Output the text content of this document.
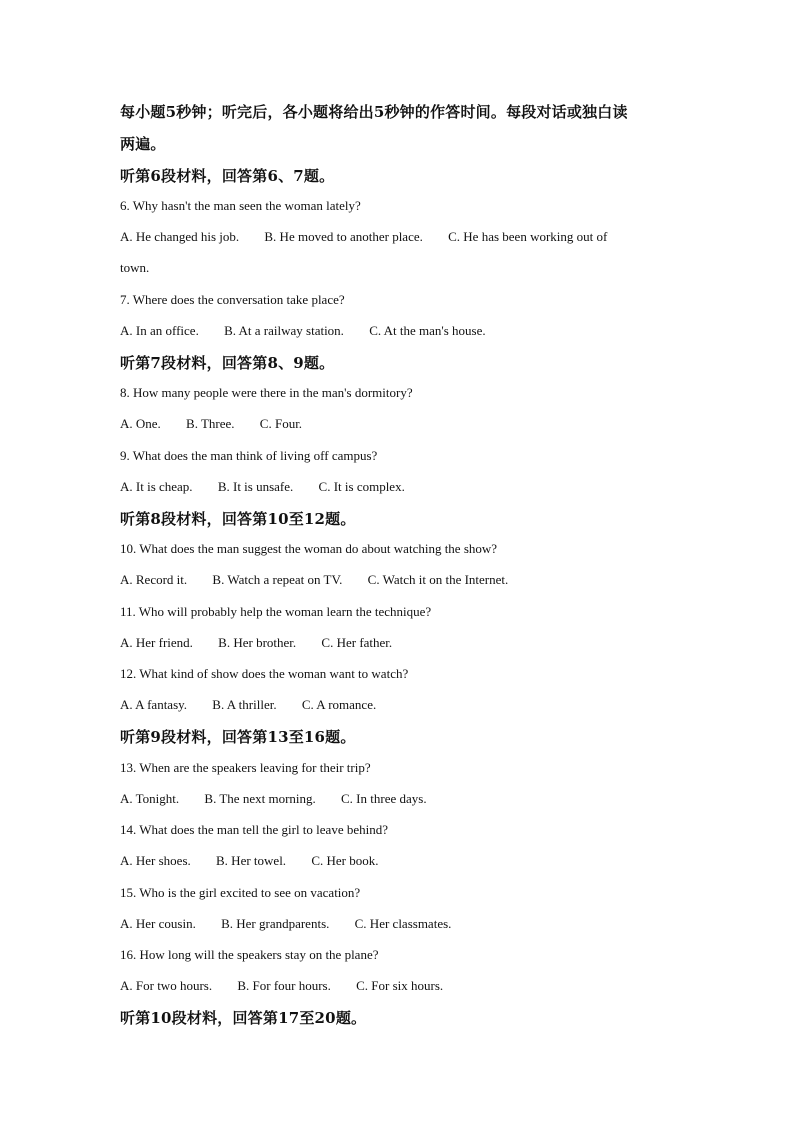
每小题5秒钟；听完后，各小题将给出5秒钟的作答时间。每段对话或独白读
两遍。
听第6段材料，回答第6、7题。
6. Why hasn't the man seen the woman lately?
A. He changed his job. B. He moved to another place. C. He has been working out of
town.
7. Where does the conversation take place?
A. In an office. B. At a railway station. C. At the man's house.
听第7段材料，回答第8、9题。
8. How many people were there in the man's dormitory?
A. One. B. Three. C. Four.
9. What does the man think of living off campus?
A. It is cheap. B. It is unsafe. C. It is complex.
听第8段材料，回答第10至12题。
10. What does the man suggest the woman do about watching the show?
A. Record it. B. Watch a repeat on TV. C. Watch it on the Internet.
11. Who will probably help the woman learn the technique?
A. Her friend. B. Her brother. C. Her father.
12. What kind of show does the woman want to watch?
A. A fantasy. B. A thriller. C. A romance.
听第9段材料，回答第13至16题。
13. When are the speakers leaving for their trip?
A. Tonight. B. The next morning. C. In three days.
14. What does the man tell the girl to leave behind?
A. Her shoes. B. Her towel. C. Her book.
15. Who is the girl excited to see on vacation?
A. Her cousin. B. Her grandparents. C. Her classmates.
16. How long will the speakers stay on the plane?
A. For two hours. B. For four hours. C. For six hours.
听第10段材料，回答第17至20题。
